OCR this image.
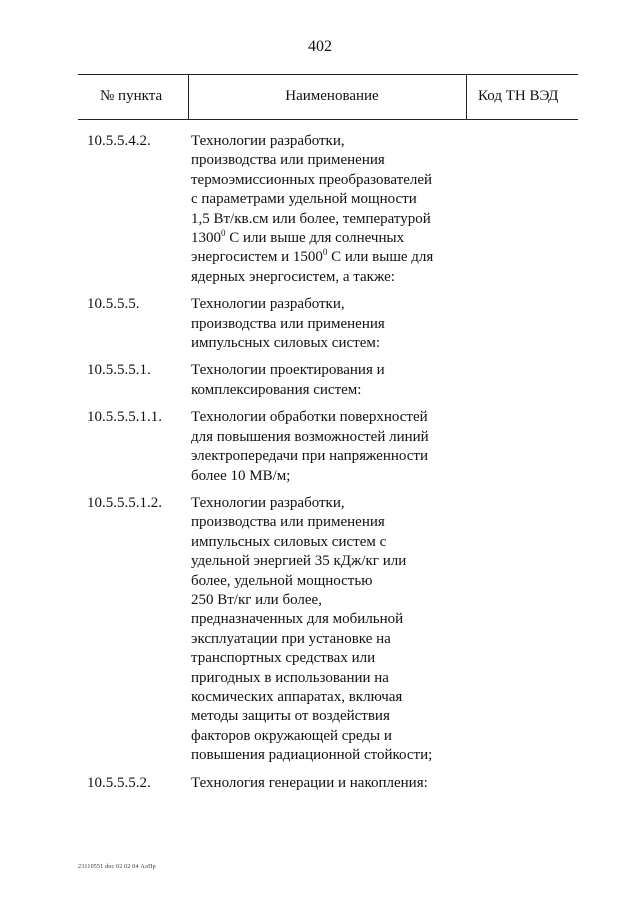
402
№ пункта	Наименование	Код ТН ВЭД
10.5.5.4.2.	Технологии разработки,
производства или применения
термоэмиссионных преобразователей
с параметрами удельной мощности
1,5 Вт/кв.см или более, температурой
1300$^0$ С или выше для солнечных
энергосистем и 1500$^0$ С или выше для
ядерных энергосистем, а также:
10.5.5.5.	Технологии разработки,
производства или применения
импульсных силовых систем:
10.5.5.5.1.	Технологии проектирования и
комплексирования систем:
10.5.5.5.1.1. Технологии обработки поверхностей
для повышения возможностей линий
электропередачи при напряженности
более 10 МВ/м;
10.5.5.5.1.2. Технологии разработки,
производства или применения
импульсных силовых систем с
удельной энергией 35 кДж/кг или
более, удельной мощностью
250 Вт/кг или более,
предназначенных для мобильной
эксплуатации при установке на
транспортных средствах или
пригодных в использовании на
космических аппаратах, включая
методы защиты от воздействия
факторов окружающей среды и
повышения радиационной стойкости;
10.5.5.5.2.	Технология генерации и накопления:
23110551 doc 02 02 04 АлПр
